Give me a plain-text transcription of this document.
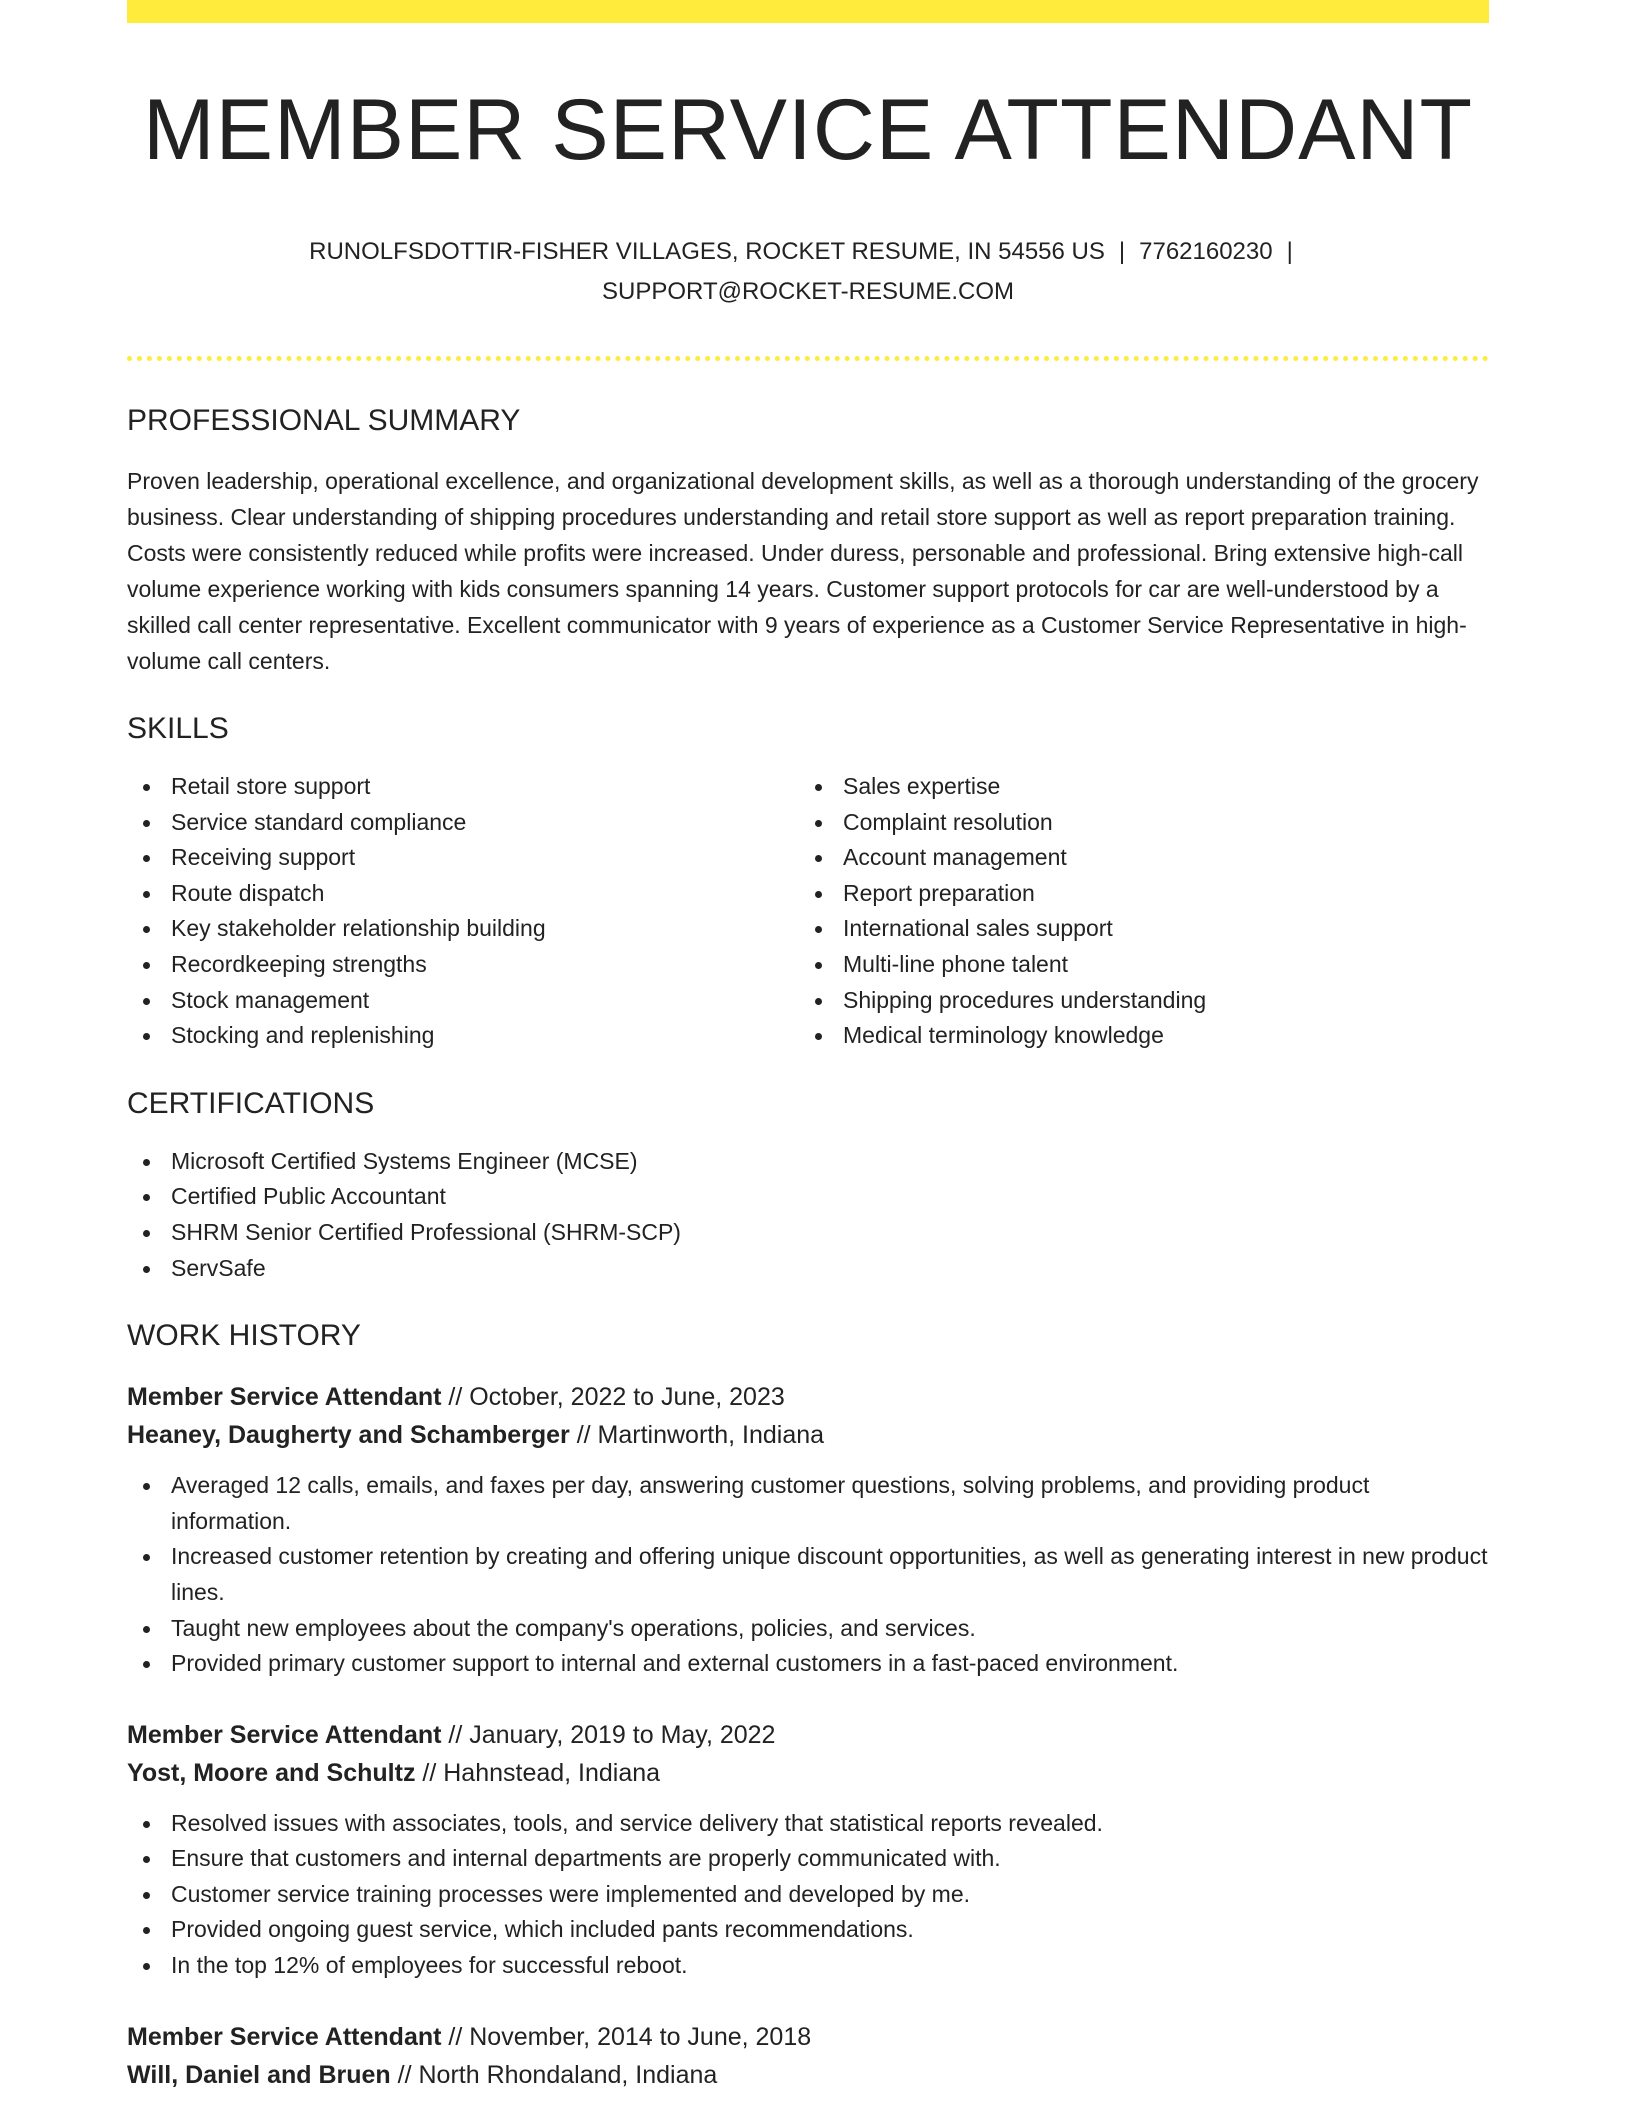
MEMBER SERVICE ATTENDANT
RUNOLFSDOTTIR-FISHER VILLAGES, ROCKET RESUME, IN 54556 US | 7762160230 |
SUPPORT@ROCKET-RESUME.COM
PROFESSIONAL SUMMARY

Proven leadership, operational excellence, and organizational development skills, as well as a thorough understanding of the grocery business. Clear understanding of shipping procedures understanding and retail store support as well as report preparation training. Costs were consistently reduced while profits were increased. Under duress, personable and professional. Bring extensive high-call volume experience working with kids consumers spanning 14 years. Customer support protocols for car are well-understood by a skilled call center representative. Excellent communicator with 9 years of experience as a Customer Service Representative in high-volume call centers.

SKILLS
Retail store support
Service standard compliance
Receiving support
Route dispatch
Key stakeholder relationship building
Recordkeeping strengths
Stock management
Stocking and replenishing
Sales expertise
Complaint resolution
Account management
Report preparation
International sales support
Multi-line phone talent
Shipping procedures understanding
Medical terminology knowledge
CERTIFICATIONS
Microsoft Certified Systems Engineer (MCSE)
Certified Public Accountant
SHRM Senior Certified Professional (SHRM-SCP)
ServSafe
WORK HISTORY
Member Service Attendant // October, 2022 to June, 2023
Heaney, Daugherty and Schamberger // Martinworth, Indiana
Averaged 12 calls, emails, and faxes per day, answering customer questions, solving problems, and providing product information.
Increased customer retention by creating and offering unique discount opportunities, as well as generating interest in new product lines.
Taught new employees about the company's operations, policies, and services.
Provided primary customer support to internal and external customers in a fast-paced environment.
Member Service Attendant // January, 2019 to May, 2022
Yost, Moore and Schultz // Hahnstead, Indiana
Resolved issues with associates, tools, and service delivery that statistical reports revealed.
Ensure that customers and internal departments are properly communicated with.
Customer service training processes were implemented and developed by me.
Provided ongoing guest service, which included pants recommendations.
In the top 12% of employees for successful reboot.
Member Service Attendant // November, 2014 to June, 2018
Will, Daniel and Bruen // North Rhondaland, Indiana
